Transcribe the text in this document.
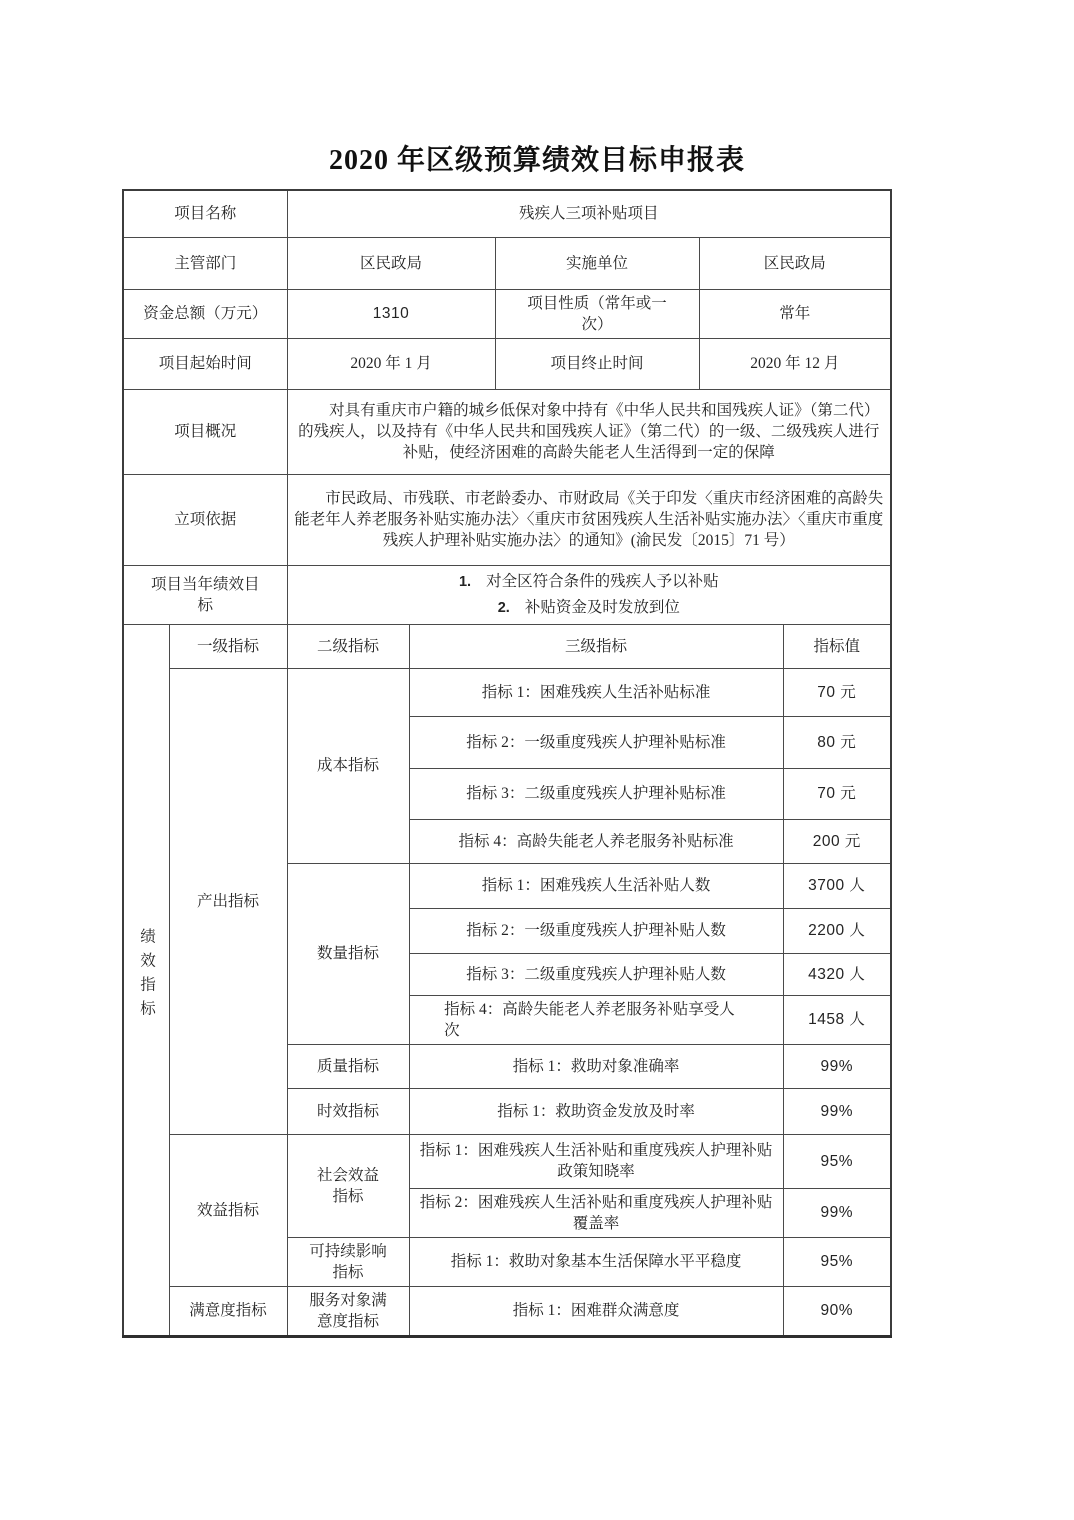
2020 年区级预算绩效目标申报表
项目名称		残疾人三项补贴项目				
主管部门		区民政局		实施单位	区民政局	
资金总额（万元）		1310		项目性质（常年或一次）	常年	
项目起始时间		2020 年 1 月		项目终止时间	2020 年 12 月	
项目概况		对具有重庆市户籍的城乡低保对象中持有《中华人民共和国残疾人证》（第二代）的残疾人，以及持有《中华人民共和国残疾人证》（第二代）的一级、二级残疾人进行补贴，使经济困难的高龄失能老人生活得到一定的保障				
立项依据		市民政局、市残联、市老龄委办、市财政局《关于印发〈重庆市经济困难的高龄失能老年人养老服务补贴实施办法〉〈重庆市贫困残疾人生活补贴实施办法〉〈重庆市重度残疾人护理补贴实施办法〉的通知》(渝民发〔2015〕71 号）				
项目当年绩效目标		1. 对全区符合条件的残疾人予以补贴
2. 补贴资金及时发放到位				

绩效指标	一级指标	二级指标	三级指标			指标值
	产出指标	成本指标	指标 1：困难残疾人生活补贴标准			70 元
			指标 2：一级重度残疾人护理补贴标准			80 元
			指标 3：二级重度残疾人护理补贴标准			70 元
			指标 4：高龄失能老人养老服务补贴标准			200 元
		数量指标	指标 1：困难残疾人生活补贴人数			3700 人
			指标 2：一级重度残疾人护理补贴人数			2200 人
			指标 3：二级重度残疾人护理补贴人数			4320 人
			指标 4：高龄失能老人养老服务补贴享受人次			1458 人
		质量指标	指标 1：救助对象准确率			99%
		时效指标	指标 1：救助资金发放及时率			99%
	效益指标	社会效益指标	指标 1：困难残疾人生活补贴和重度残疾人护理补贴政策知晓率			95%
			指标 2：困难残疾人生活补贴和重度残疾人护理补贴覆盖率			99%
		可持续影响指标	指标 1：救助对象基本生活保障水平平稳度			95%
	满意度指标	服务对象满意度指标	指标 1：困难群众满意度			90%
